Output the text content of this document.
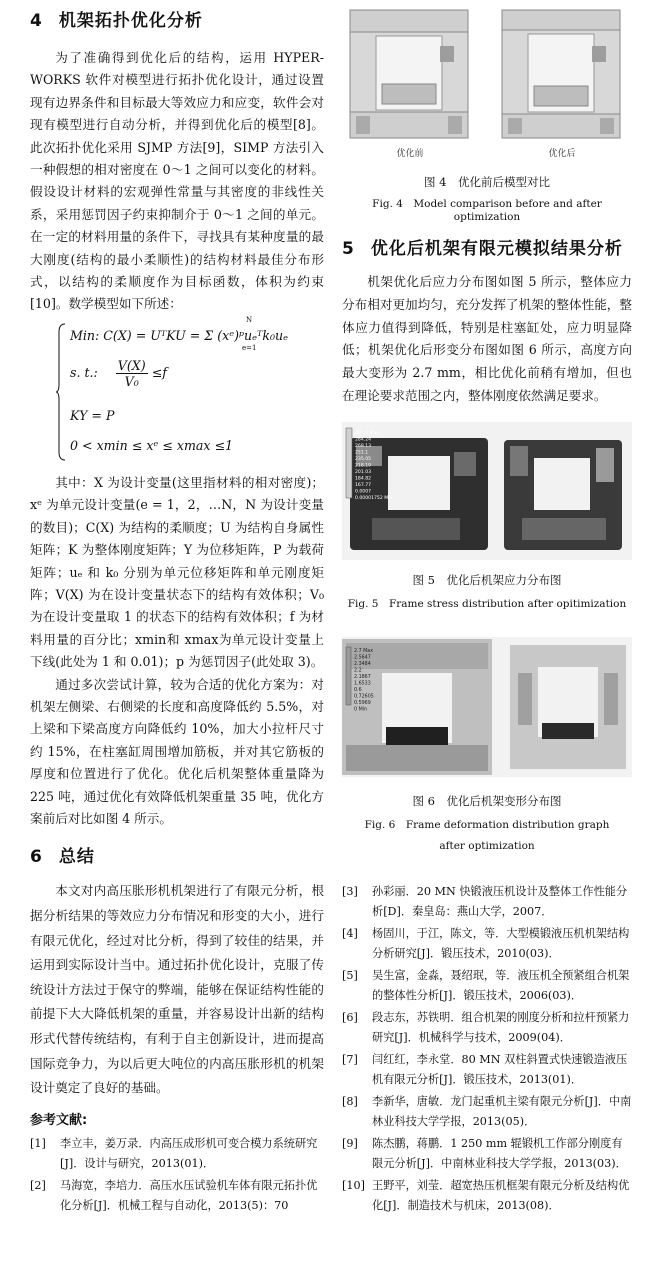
4 机架拓扑优化分析

为了准确得到优化后的结构，运用 HYPER-WORKS 软件对模型进行拓扑优化设计，通过设置现有边界条件和目标最大等效应力和应变，软件会对现有模型进行自动分析，并得到优化后的模型[8]。此次拓扑优化采用 SJMP 方法[9]，SIMP 方法引入一种假想的相对密度在 0～1 之间可以变化的材料。假设设计材料的宏观弹性常量与其密度的非线性关系，采用惩罚因子约束抑制介于 0～1 之间的单元。在一定的材料用量的条件下，寻找具有某种度量的最大刚度(结构的最小柔顺性)的结构材料最佳分布形式，以结构的柔顺度作为目标函数，体积为约束[10]。数学模型如下所述：

Min: C(X) = UᵀKU = Σ (xᵉ)ᵖuₑᵀk₀uₑ
N
e=1
s. t.: $\frac{V(X)}{\text{V₀}} \le f$
KY = P
0 < xmin ≤ xᵉ ≤ xmax ≤1

其中：X 为设计变量(这里指材料的相对密度)；xᵉ 为单元设计变量(e = 1，2，…N，N 为设计变量的数目)；C(X) 为结构的柔顺度；U 为结构自身属性矩阵；K 为整体刚度矩阵；Y 为位移矩阵，P 为载荷矩阵；uₑ 和 k₀ 分别为单元位移矩阵和单元刚度矩阵；V(X) 为在设计变量状态下的结构有效体积；V₀ 为在设计变量取 1 的状态下的结构有效体积；f 为材料用量的百分比；xmin和 xmax为单元设计变量上下线(此处为 1 和 0.01)；p 为惩罚因子(此处取 3)。

通过多次尝试计算，较为合适的优化方案为：对机架左侧梁、右侧梁的长度和高度降低约 5.5%，对上梁和下梁高度方向降低约 10%，加大小拉杆尺寸约 15%，在柱塞缸周围增加筋板，并对其它筋板的厚度和位置进行了优化。优化后机架整体重量降为 225 吨，通过优化有效降低机架重量 35 吨，优化方案前后对比如图 4 所示。

6 总结

本文对内高压胀形机机架进行了有限元分析，根据分析结果的等效应力分布情况和形变的大小，进行有限元优化，经过对比分析，得到了较佳的结果，并运用到实际设计当中。通过拓扑优化设计，克服了传统设计方法过于保守的弊端，能够在保证结构性能的前提下大大降低机架的重量，并容易设计出新的结构形式代替传统结构，有利于自主创新设计，进而提高国际竞争力，为以后更大吨位的内高压胀形机的机架设计奠定了良好的基础。

参考文献:
[1]	李立丰，姜万录．内高压成形机可变合模力系统研究[J]．设计与研究，2013(01)．
[2]	马海宽，李培力．高压水压试验机车体有限元拓扑优化分析[J]．机械工程与自动化，2013(5)：70
优化前	优化后
图 4　优化前后模型对比
Fig. 4　Model comparison before and after optimization
5 优化后机架有限元模拟结果分析

机架优化后应力分布图如图 5 所示，整体应力分布相对更加均匀，充分发挥了机架的整体性能，整体应力值得到降低，特别是柱塞缸处，应力明显降低；机架优化后形变分布图如图 6 所示，高度方向最大变形为 2.7 mm，相比优化前稍有增加，但也在理论要求范围之内，整体刚度依然满足要求。

301.0 Max
284.24
268.13
251.1
235.05
218.19
201.03
184.82
167.77
0.0007
0.00001752 Min
图 5　优化后机架应力分布图
Fig. 5　Frame stress distribution after opitimization
2.7 Max
2.5647
2.3484
2.2
2.1867
1.6533
0.6
0.72605
0.5969
0 Min
图 6　优化后机架变形分布图
Fig. 6　Frame deformation distribution graph
after optimization
[3]	孙彩丽．20 MN 快锻液压机设计及整体工作性能分析[D]．秦皇岛：燕山大学，2007．
[4]	杨固川，于江，陈文，等．大型模锻液压机机架结构分析研究[J]．锻压技术，2010(03)．
[5]	吴生富，金淼，聂绍珉，等．液压机全预紧组合机架的整体性分析[J]．锻压技术，2006(03)．
[6]	段志东，苏铁明．组合机架的刚度分析和拉杆预紧力研究[J]．机械科学与技术，2009(04)．
[7]	闫红红，李永堂．80 MN 双柱斜置式快速锻造液压机有限元分析[J]．锻压技术，2013(01)．
[8]	李新华，唐敏．龙门起重机主梁有限元分析[J]．中南林业科技大学学报，2013(05)．
[9]	陈杰鹏，蒋鹏．1 250 mm 辊锻机工作部分刚度有限元分析[J]．中南林业科技大学学报，2013(03)．
[10] 王野平，刘莹．超宽热压机框架有限元分析及结构优化[J]．制造技术与机床，2013(08)．
